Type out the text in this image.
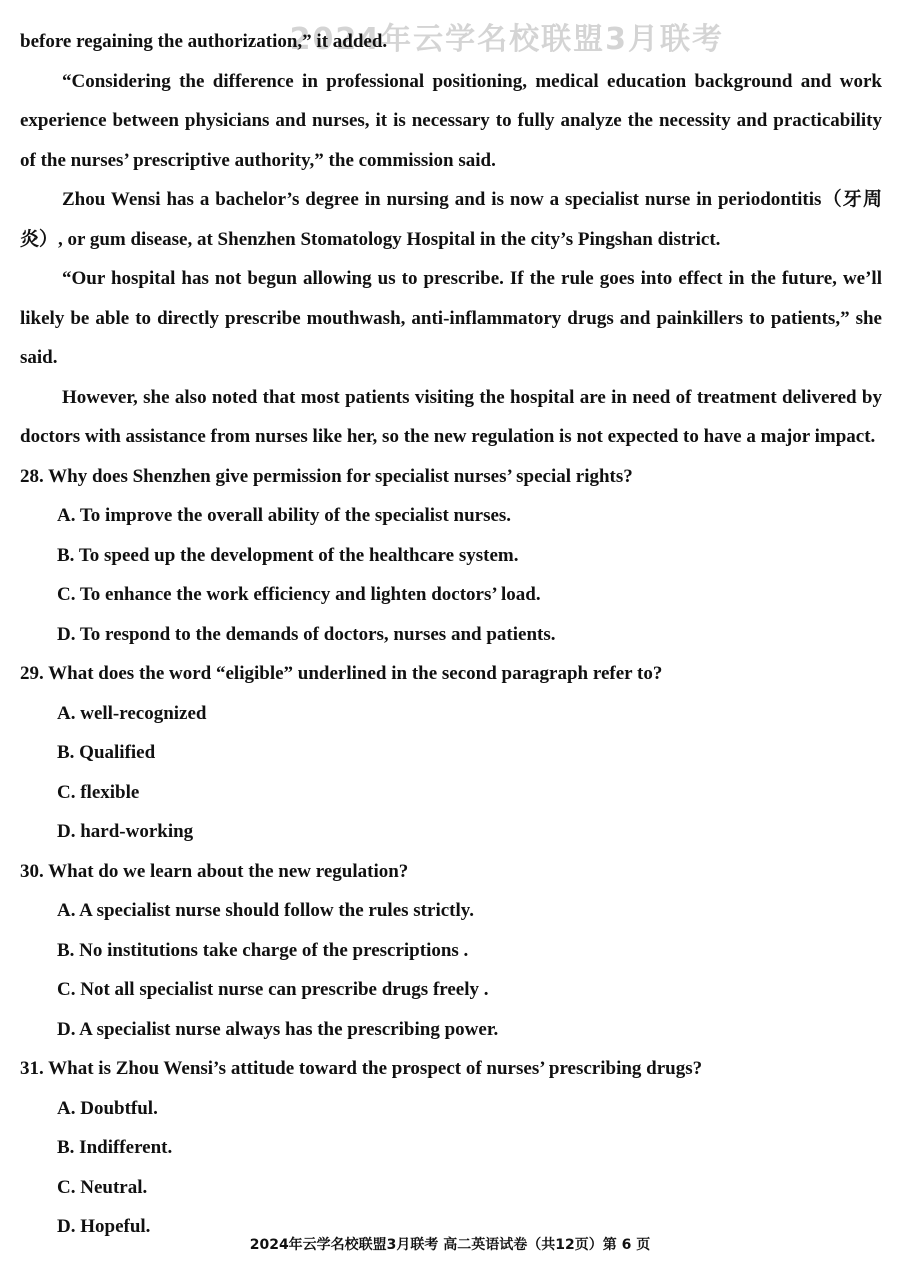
2024年云学名校联盟3月联考

before regaining the authorization,” it added.

“Considering the difference in professional positioning, medical education background and work experience between physicians and nurses, it is necessary to fully analyze the necessity and practicability of the nurses’ prescriptive authority,” the commission said.

Zhou Wensi has a bachelor’s degree in nursing and is now a specialist nurse in periodontitis（牙周炎）, or gum disease, at Shenzhen Stomatology Hospital in the city’s Pingshan district.

“Our hospital has not begun allowing us to prescribe. If the rule goes into effect in the future, we’ll likely be able to directly prescribe mouthwash, anti-inflammatory drugs and painkillers to patients,” she said.

However, she also noted that most patients visiting the hospital are in need of treatment delivered by doctors with assistance from nurses like her, so the new regulation is not expected to have a major impact.

28. Why does Shenzhen give permission for specialist nurses’ special rights?
A. To improve the overall ability of the specialist nurses.
B. To speed up the development of the healthcare system.
C. To enhance the work efficiency and lighten doctors’ load.
D. To respond to the demands of doctors, nurses and patients.
29. What does the word “eligible” underlined in the second paragraph refer to?
A. well-recognized
B. Qualified
C. flexible
D. hard-working
30. What do we learn about the new regulation?
A. A specialist nurse should follow the rules strictly.
B. No institutions take charge of the prescriptions .
C. Not all specialist nurse can prescribe drugs freely .
D. A specialist nurse always has the prescribing power.
31. What is Zhou Wensi’s attitude toward the prospect of nurses’ prescribing drugs?
A. Doubtful.
B. Indifferent.
C. Neutral.
D. Hopeful.
2024年云学名校联盟3月联考 高二英语试卷（共12页）第 6 页
